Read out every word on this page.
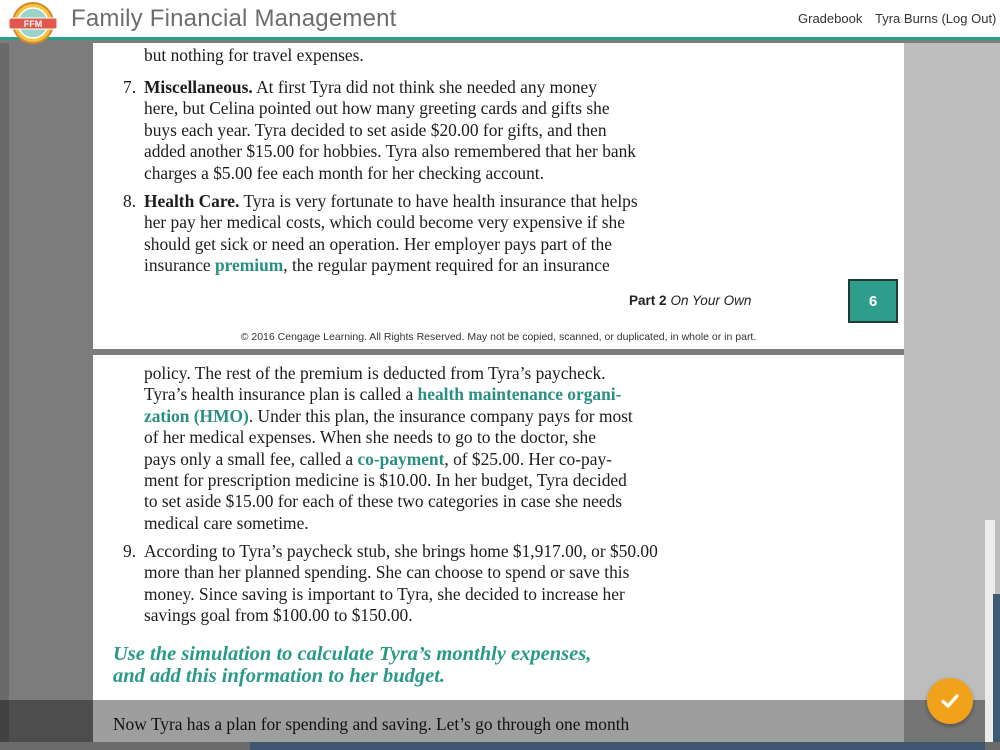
FFM Family Financial Management	Gradebook Tyra Burns (Log Out)
but nothing for travel expenses.
7. Miscellaneous. At first Tyra did not think she needed any money
here, but Celina pointed out how many greeting cards and gifts she
buys each year. Tyra decided to set aside $20.00 for gifts, and then
added another $15.00 for hobbies. Tyra also remembered that her bank
charges a $5.00 fee each month for her checking account.
8. Health Care. Tyra is very fortunate to have health insurance that helps
her pay her medical costs, which could become very expensive if she
should get sick or need an operation. Her employer pays part of the
insurance premium, the regular payment required for an insurance
Part 2 On Your Own	6
© 2016 Cengage Learning. All Rights Reserved. May not be copied, scanned, or duplicated, in whole or in part.
policy. The rest of the premium is deducted from Tyra’s paycheck.
Tyra’s health insurance plan is called a health maintenance organi-
zation (HMO). Under this plan, the insurance company pays for most
of her medical expenses. When she needs to go to the doctor, she
pays only a small fee, called a co-payment, of $25.00. Her co-pay-
ment for prescription medicine is $10.00. In her budget, Tyra decided
to set aside $15.00 for each of these two categories in case she needs
medical care sometime.
9. According to Tyra’s paycheck stub, she brings home $1,917.00, or $50.00
more than her planned spending. She can choose to spend or save this
money. Since saving is important to Tyra, she decided to increase her
savings goal from $100.00 to $150.00.
Use the simulation to calculate Tyra’s monthly expenses,
and add this information to her budget.
Now Tyra has a plan for spending and saving. Let’s go through one month
